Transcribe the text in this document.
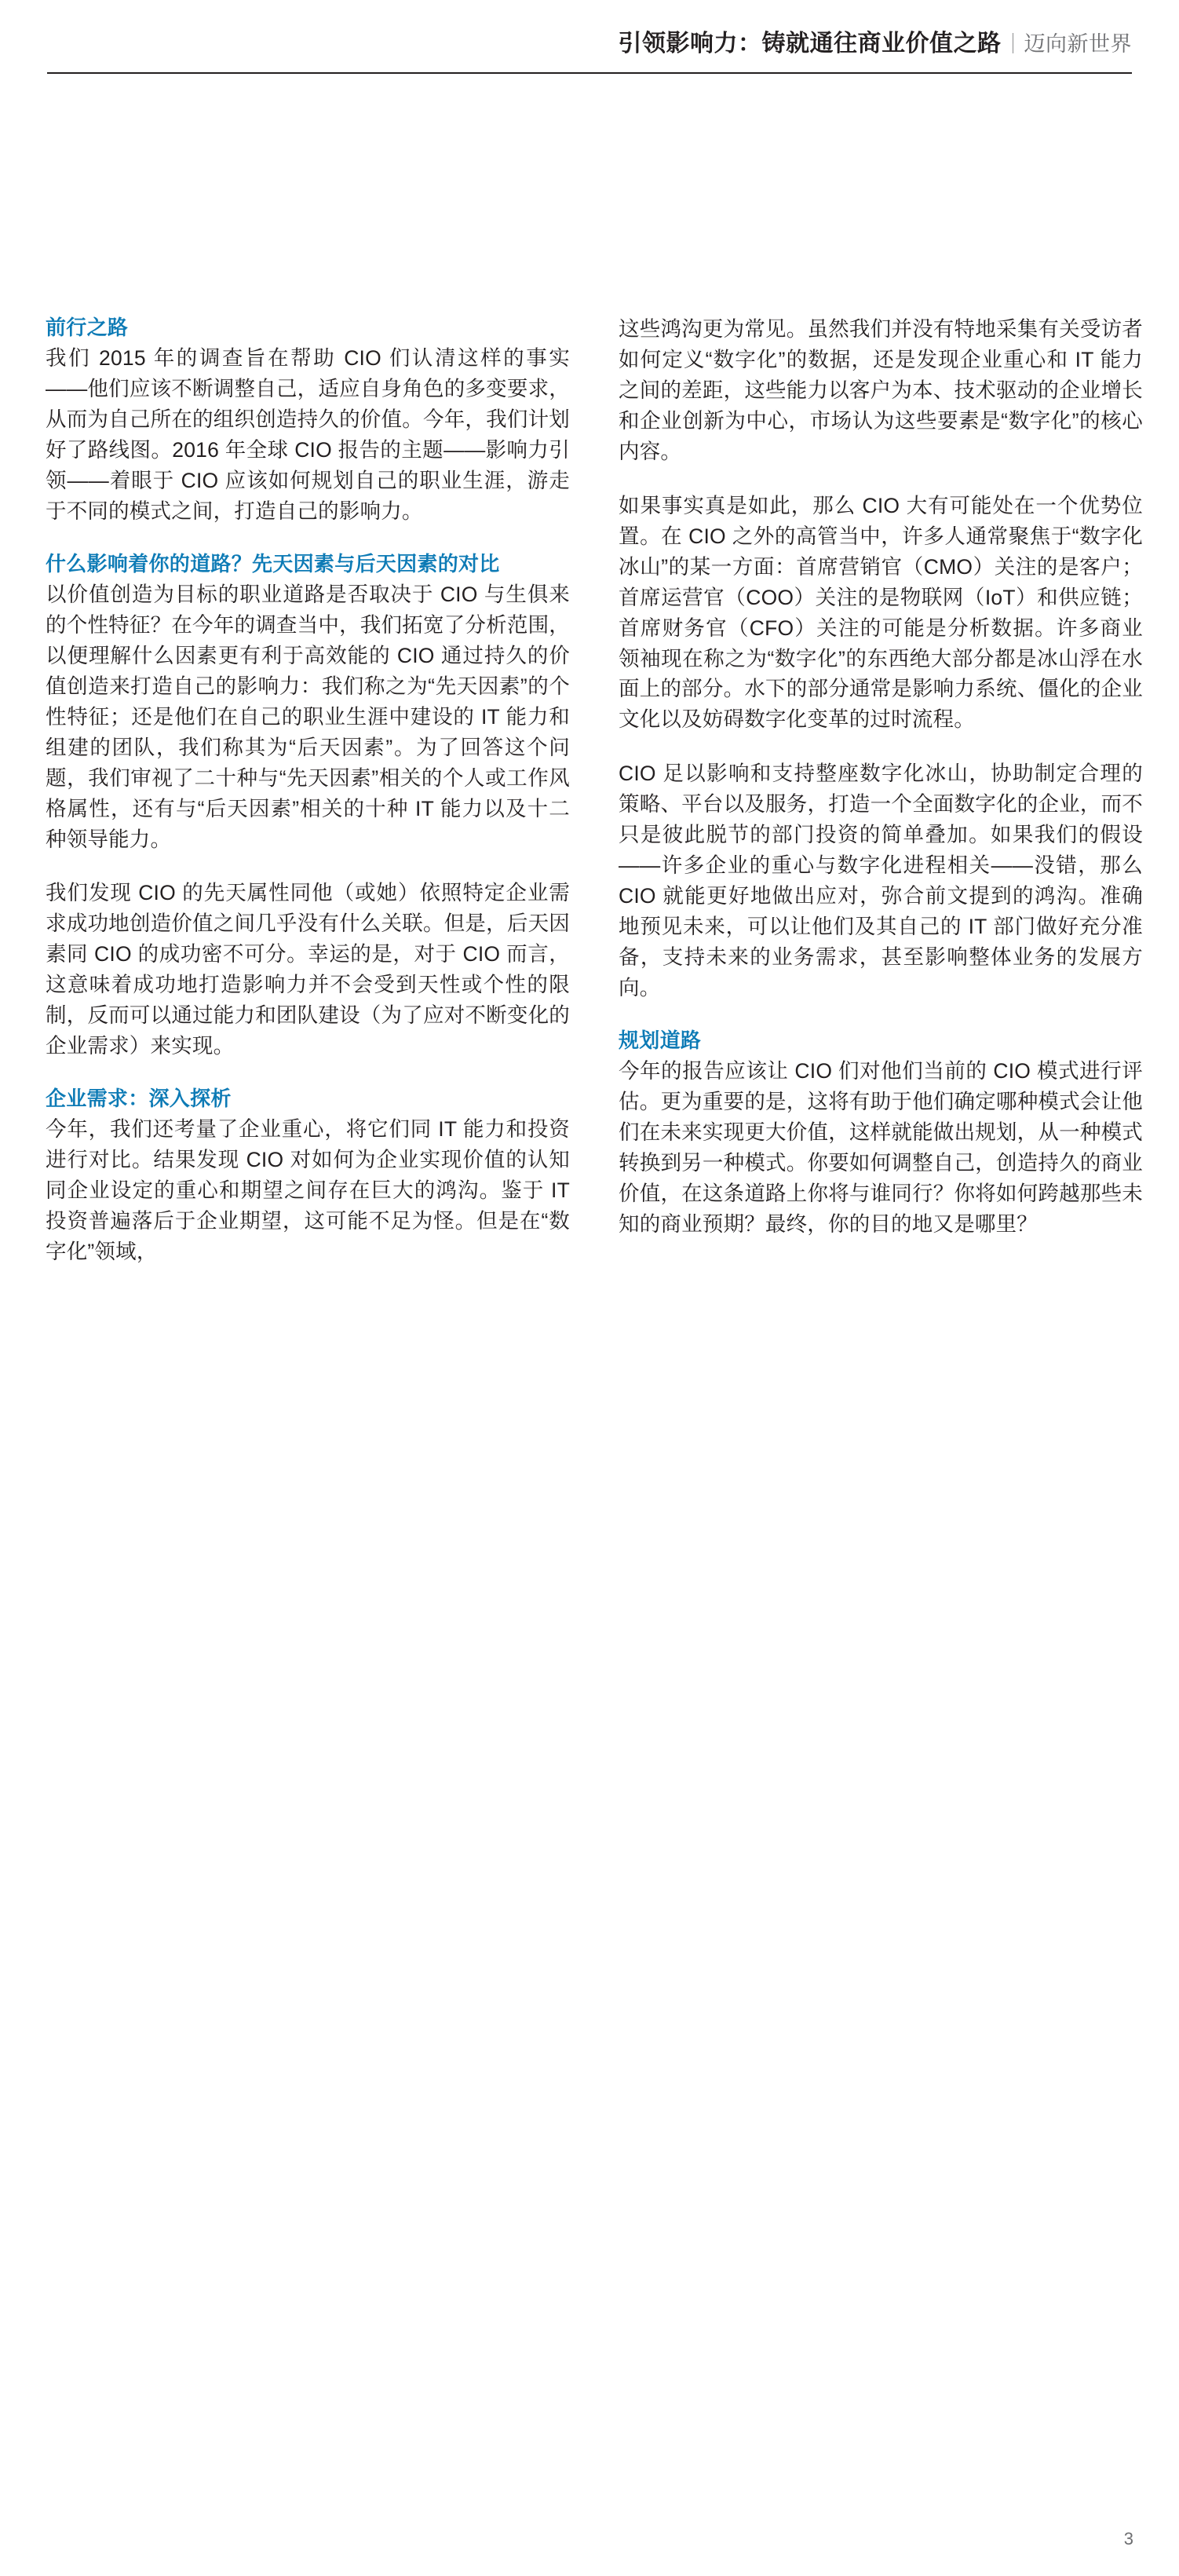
引领影响力：铸就通往商业价值之路 迈向新世界
前行之路

我们 2015 年的调查旨在帮助 CIO 们认清这样的事实——他们应该不断调整自己，适应自身角色的多变要求，从而为自己所在的组织创造持久的价值。今年，我们计划好了路线图。2016 年全球 CIO 报告的主题——影响力引领——着眼于 CIO 应该如何规划自己的职业生涯，游走于不同的模式之间，打造自己的影响力。

什么影响着你的道路？先天因素与后天因素的对比

以价值创造为目标的职业道路是否取决于 CIO 与生俱来的个性特征？在今年的调查当中，我们拓宽了分析范围，以便理解什么因素更有利于高效能的 CIO 通过持久的价值创造来打造自己的影响力：我们称之为“先天因素”的个性特征；还是他们在自己的职业生涯中建设的 IT 能力和组建的团队，我们称其为“后天因素”。为了回答这个问题，我们审视了二十种与“先天因素”相关的个人或工作风格属性，还有与“后天因素”相关的十种 IT 能力以及十二种领导能力。

我们发现 CIO 的先天属性同他（或她）依照特定企业需求成功地创造价值之间几乎没有什么关联。但是，后天因素同 CIO 的成功密不可分。幸运的是，对于 CIO 而言，这意味着成功地打造影响力并不会受到天性或个性的限制，反而可以通过能力和团队建设（为了应对不断变化的企业需求）来实现。

企业需求：深入探析

今年，我们还考量了企业重心，将它们同 IT 能力和投资进行对比。结果发现 CIO 对如何为企业实现价值的认知同企业设定的重心和期望之间存在巨大的鸿沟。鉴于 IT 投资普遍落后于企业期望，这可能不足为怪。但是在“数字化”领域，

这些鸿沟更为常见。虽然我们并没有特地采集有关受访者如何定义“数字化”的数据，还是发现企业重心和 IT 能力之间的差距，这些能力以客户为本、技术驱动的企业增长和企业创新为中心，市场认为这些要素是“数字化”的核心内容。

如果事实真是如此，那么 CIO 大有可能处在一个优势位置。在 CIO 之外的高管当中，许多人通常聚焦于“数字化冰山”的某一方面：首席营销官（CMO）关注的是客户；首席运营官（COO）关注的是物联网（IoT）和供应链；首席财务官（CFO）关注的可能是分析数据。许多商业领袖现在称之为“数字化”的东西绝大部分都是冰山浮在水面上的部分。水下的部分通常是影响力系统、僵化的企业文化以及妨碍数字化变革的过时流程。

CIO 足以影响和支持整座数字化冰山，协助制定合理的策略、平台以及服务，打造一个全面数字化的企业，而不只是彼此脱节的部门投资的简单叠加。如果我们的假设——许多企业的重心与数字化进程相关——没错，那么 CIO 就能更好地做出应对，弥合前文提到的鸿沟。准确地预见未来，可以让他们及其自己的 IT 部门做好充分准备，支持未来的业务需求，甚至影响整体业务的发展方向。

规划道路

今年的报告应该让 CIO 们对他们当前的 CIO 模式进行评估。更为重要的是，这将有助于他们确定哪种模式会让他们在未来实现更大价值，这样就能做出规划，从一种模式转换到另一种模式。你要如何调整自己，创造持久的商业价值，在这条道路上你将与谁同行？你将如何跨越那些未知的商业预期？最终，你的目的地又是哪里？

3
